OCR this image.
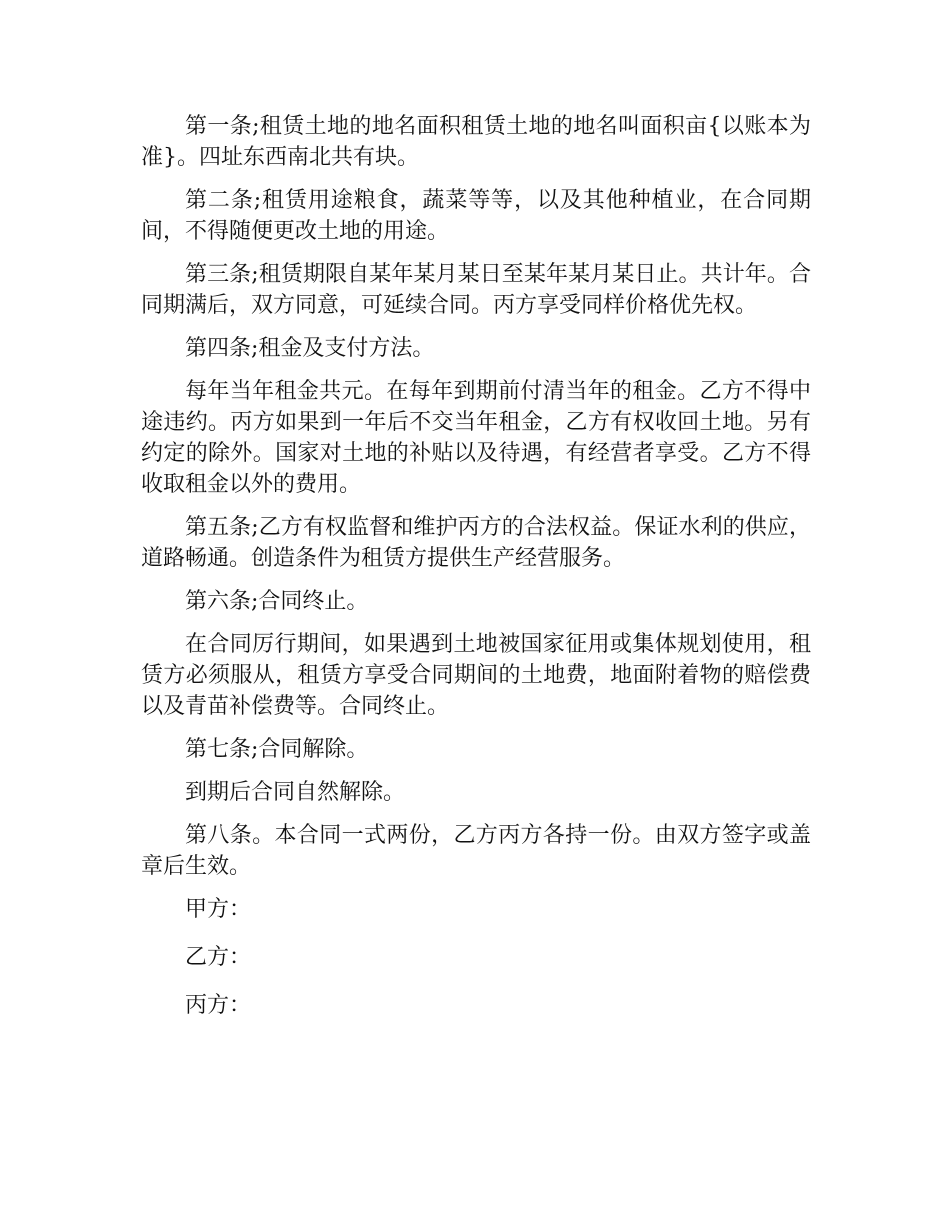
第一条;租赁土地的地名面积租赁土地的地名叫面积亩{以账本为准}。四址东西南北共有块。

第二条;租赁用途粮食，蔬菜等等，以及其他种植业，在合同期间，不得随便更改土地的用途。

第三条;租赁期限自某年某月某日至某年某月某日止。共计年。合同期满后，双方同意，可延续合同。丙方享受同样价格优先权。

第四条;租金及支付方法。

每年当年租金共元。在每年到期前付清当年的租金。乙方不得中途违约。丙方如果到一年后不交当年租金，乙方有权收回土地。另有约定的除外。国家对土地的补贴以及待遇，有经营者享受。乙方不得收取租金以外的费用。

第五条;乙方有权监督和维护丙方的合法权益。保证水利的供应，道路畅通。创造条件为租赁方提供生产经营服务。

第六条;合同终止。

在合同厉行期间，如果遇到土地被国家征用或集体规划使用，租赁方必须服从，租赁方享受合同期间的土地费，地面附着物的赔偿费以及青苗补偿费等。合同终止。

第七条;合同解除。

到期后合同自然解除。

第八条。本合同一式两份，乙方丙方各持一份。由双方签字或盖章后生效。

甲方：

乙方：

丙方：
